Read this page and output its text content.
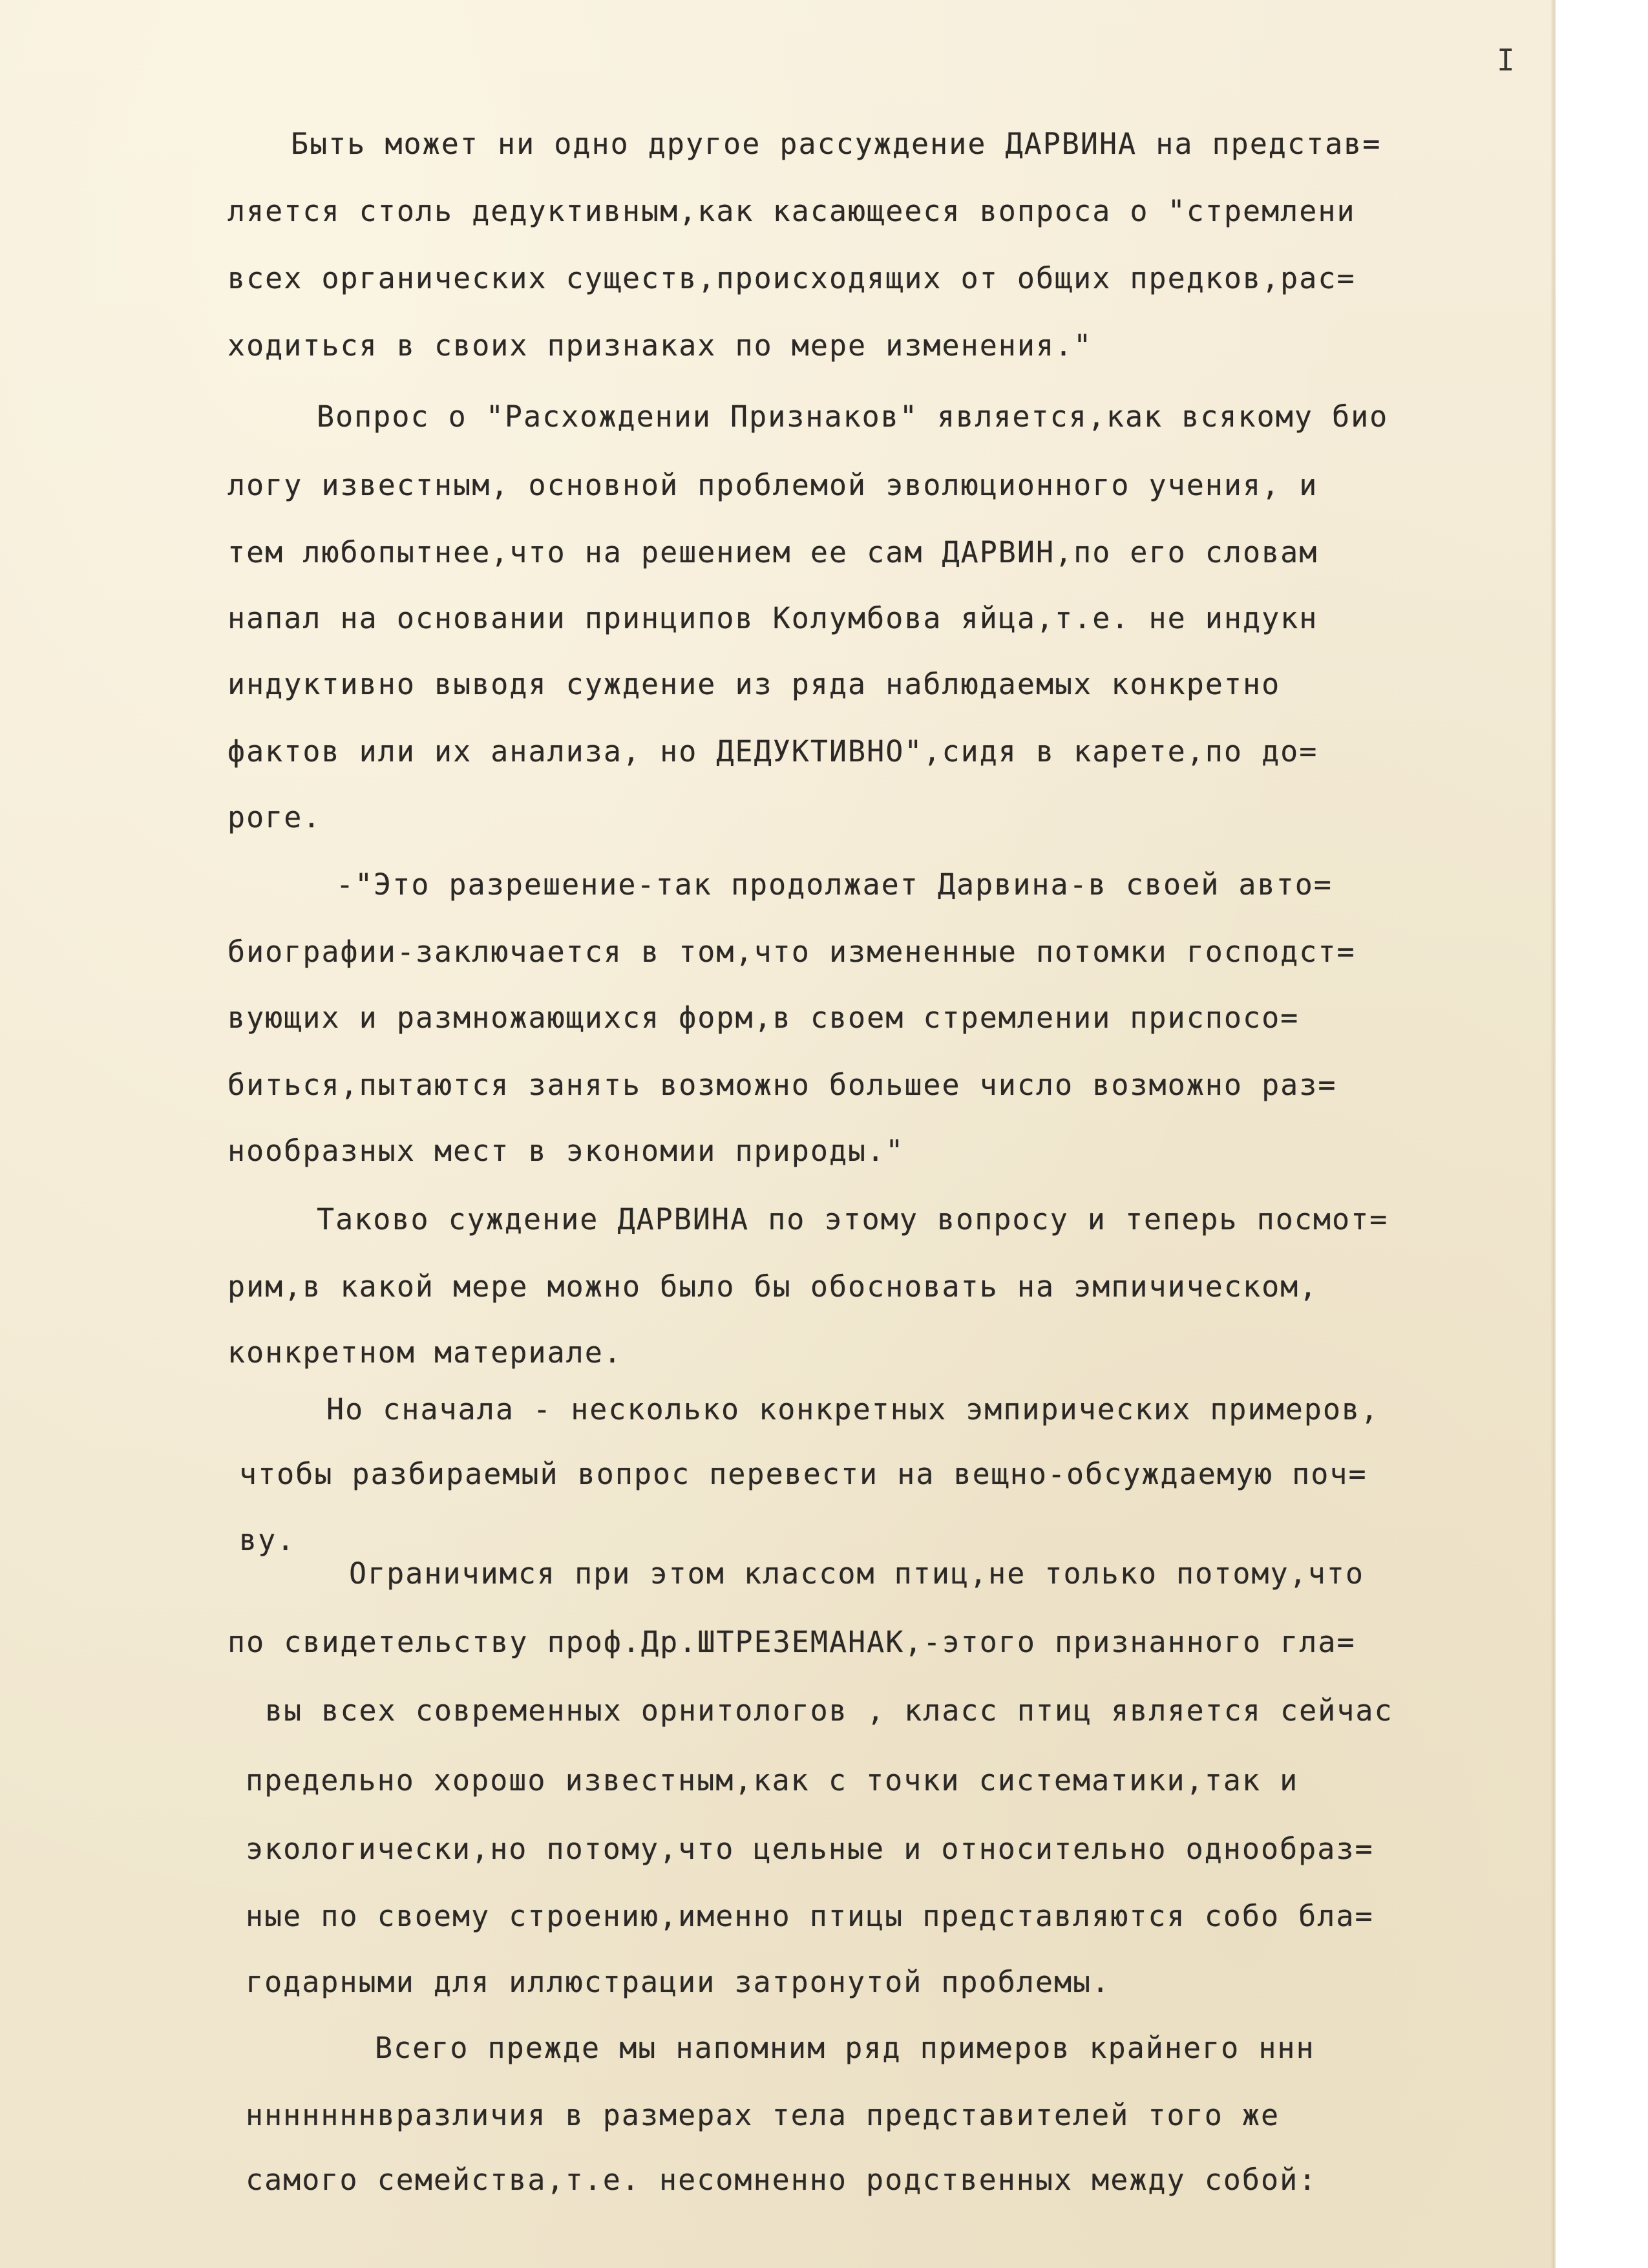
I
Быть может ни одно другое рассуждение ДАРВИНА на представ=
ляется столь дедуктивным,как касающееся вопроса о "стремлени
всех органических существ,происходящих от общих предков,рас=
ходиться в своих признаках по мере изменения."
Вопрос о "Расхождении Признаков" является,как всякому био
логу известным, основной проблемой эволюционного учения, и
тем любопытнее,что на решением ее сам ДАРВИН,по его словам
напал на основании принципов Колумбова яйца,т.е. не индукн
индуктивно выводя суждение из ряда наблюдаемых конкретно
фактов или их анализа, но ДЕДУКТИВНО",сидя в карете,по до=
роге.
-"Это разрешение-так продолжает Дарвина-в своей авто=
биографии-заключается в том,что измененные потомки господст=
вующих и размножающихся форм,в своем стремлении приспосо=
биться,пытаются занять возможно большее число возможно раз=
нообразных мест в экономии природы."
Таково суждение ДАРВИНА по этому вопросу и теперь посмот=
рим,в какой мере можно было бы обосновать на эмпичическом,
конкретном материале.
Но сначала - несколько конкретных эмпирических примеров,
чтобы разбираемый вопрос перевести на вещно-обсуждаемую поч=
ву.
Ограничимся при этом классом птиц,не только потому,что
по свидетельству проф.Др.ШТРЕЗЕМАНАК,-этого признанного гла=
вы всех современных орнитологов , класс птиц является сейчас
предельно хорошо известным,как с точки систематики,так и
экологически,но потому,что цельные и относительно однообраз=
ные по своему строению,именно птицы представляются собо бла=
годарными для иллюстрации затронутой проблемы.
Всего прежде мы напомним ряд примеров крайнего ннн
нннннннвразличия в размерах тела представителей того же
самого семейства,т.е. несомненно родственных между собой:
